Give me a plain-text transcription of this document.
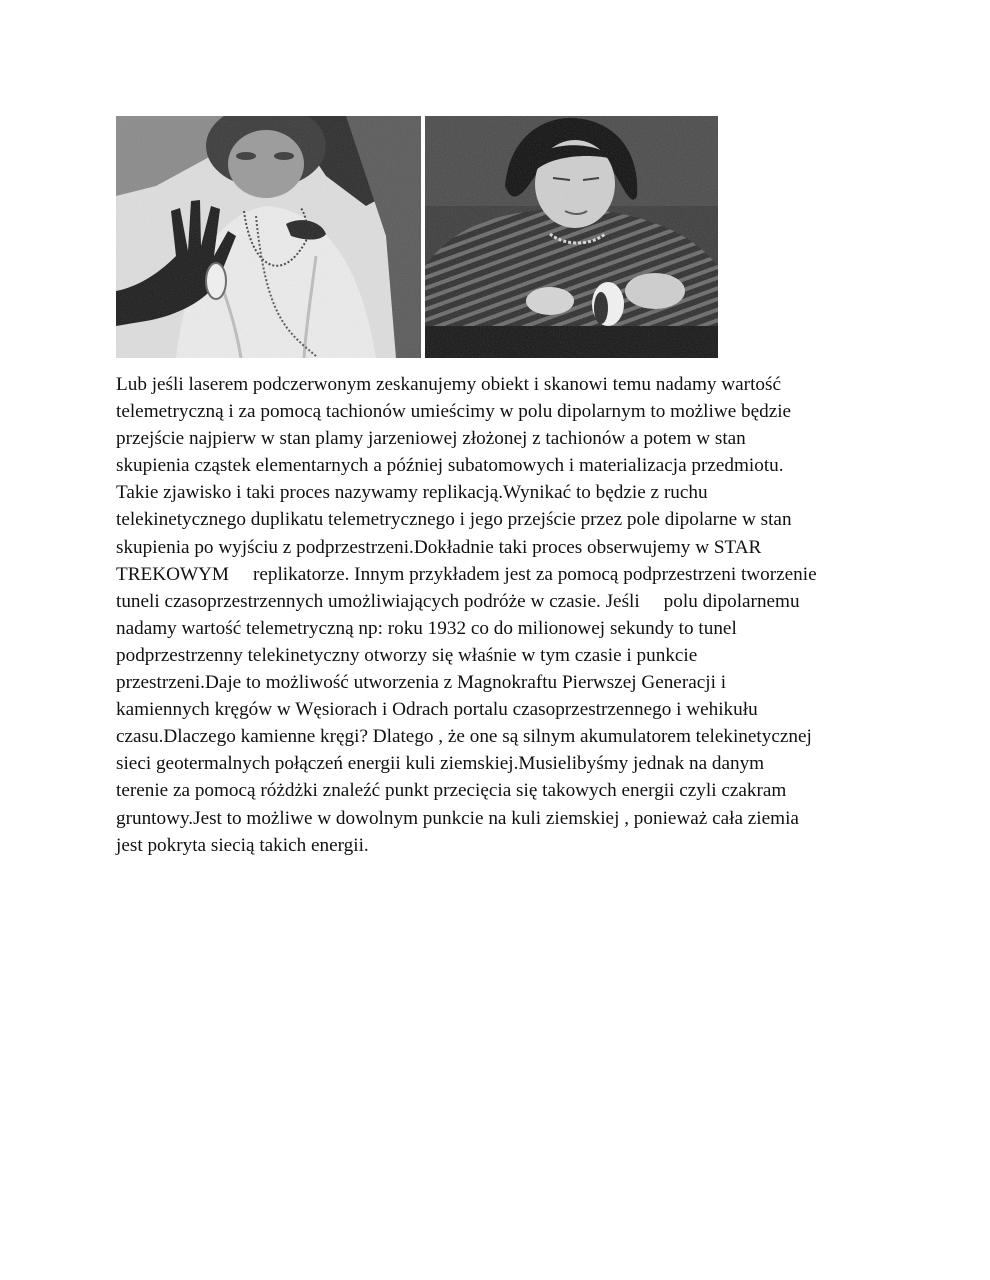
Lub jeśli laserem podczerwonym zeskanujemy obiekt i skanowi temu nadamy wartość
telemetryczną i za pomocą tachionów umieścimy w polu dipolarnym to możliwe będzie
przejście najpierw w stan plamy jarzeniowej złożonej z tachionów a potem w stan
skupienia cząstek elementarnych a później subatomowych i materializacja przedmiotu.
Takie zjawisko i taki proces nazywamy replikacją.Wynikać to będzie z ruchu
telekinetycznego duplikatu telemetrycznego i jego przejście przez pole dipolarne w stan
skupienia po wyjściu z podprzestrzeni.Dokładnie taki proces obserwujemy w STAR
TREKOWYM     replikatorze. Innym przykładem jest za pomocą podprzestrzeni tworzenie
tuneli czasoprzestrzennych umożliwiających podróże w czasie. Jeśli     polu dipolarnemu
nadamy wartość telemetryczną np: roku 1932 co do milionowej sekundy to tunel
podprzestrzenny telekinetyczny otworzy się właśnie w tym czasie i punkcie
przestrzeni.Daje to możliwość utworzenia z Magnokraftu Pierwszej Generacji i
kamiennych kręgów w Węsiorach i Odrach portalu czasoprzestrzennego i wehikułu
czasu.Dlaczego kamienne kręgi? Dlatego , że one są silnym akumulatorem telekinetycznej
sieci geotermalnych połączeń energii kuli ziemskiej.Musielibyśmy jednak na danym
terenie za pomocą różdżki znaleźć punkt przecięcia się takowych energii czyli czakram
gruntowy.Jest to możliwe w dowolnym punkcie na kuli ziemskiej , ponieważ cała ziemia
jest pokryta siecią takich energii.
